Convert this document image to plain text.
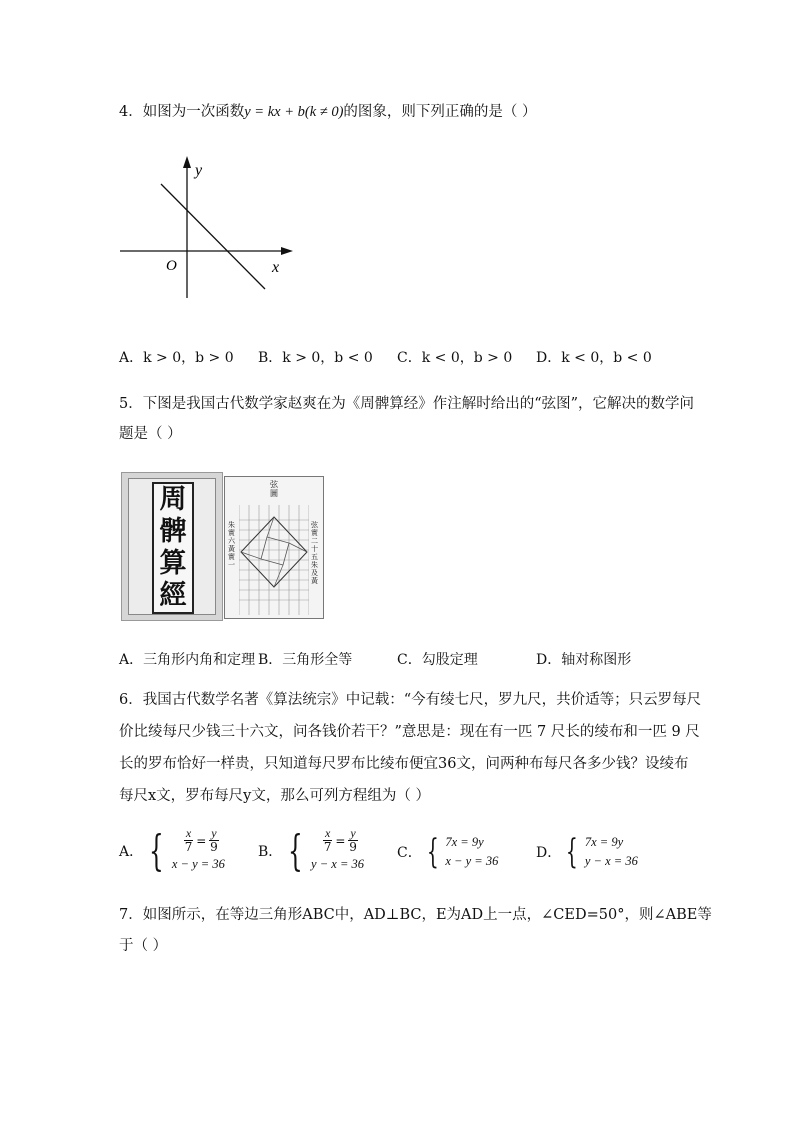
4．如图为一次函数y = kx + b(k ≠ 0)的图象，则下列正确的是（ ）
y
x
O
A．k > 0，b > 0 B．k > 0，b < 0 C．k < 0，b > 0 D．k < 0，b < 0
5．下图是我国古代数学家赵爽在为《周髀算经》作注解时给出的“弦图”，它解决的数学问
题是（ ）
周
髀
算
經
弦圖
朱實六黃實一
弦實二十五朱及黃
A．三角形内角和定理 B．三角形全等	C．勾股定理	D．轴对称图形
6．我国古代数学名著《算法统宗》中记载：“今有绫七尺，罗九尺，共价适等；只云罗每尺
价比绫每尺少钱三十六文，问各钱价若干？”意思是：现在有一匹 7 尺长的绫布和一匹 9 尺
长的罗布恰好一样贵，只知道每尺罗布比绫布便宜36文，问两种布每尺各多少钱？设绫布
每尺x文，罗布每尺y文，那么可列方程组为（ ）
A． { $\frac{x}{7} = \frac{y}{9}$
x − y = 36
B． { $\frac{x}{7} = \frac{y}{9}$
y − x = 36
C． { 7x = 9y
x − y = 36	D． { 7x = 9y
y − x = 36
7．如图所示，在等边三角形ABC中，AD⊥BC，E为AD上一点，∠CED=50°，则∠ABE等
于（ ）
